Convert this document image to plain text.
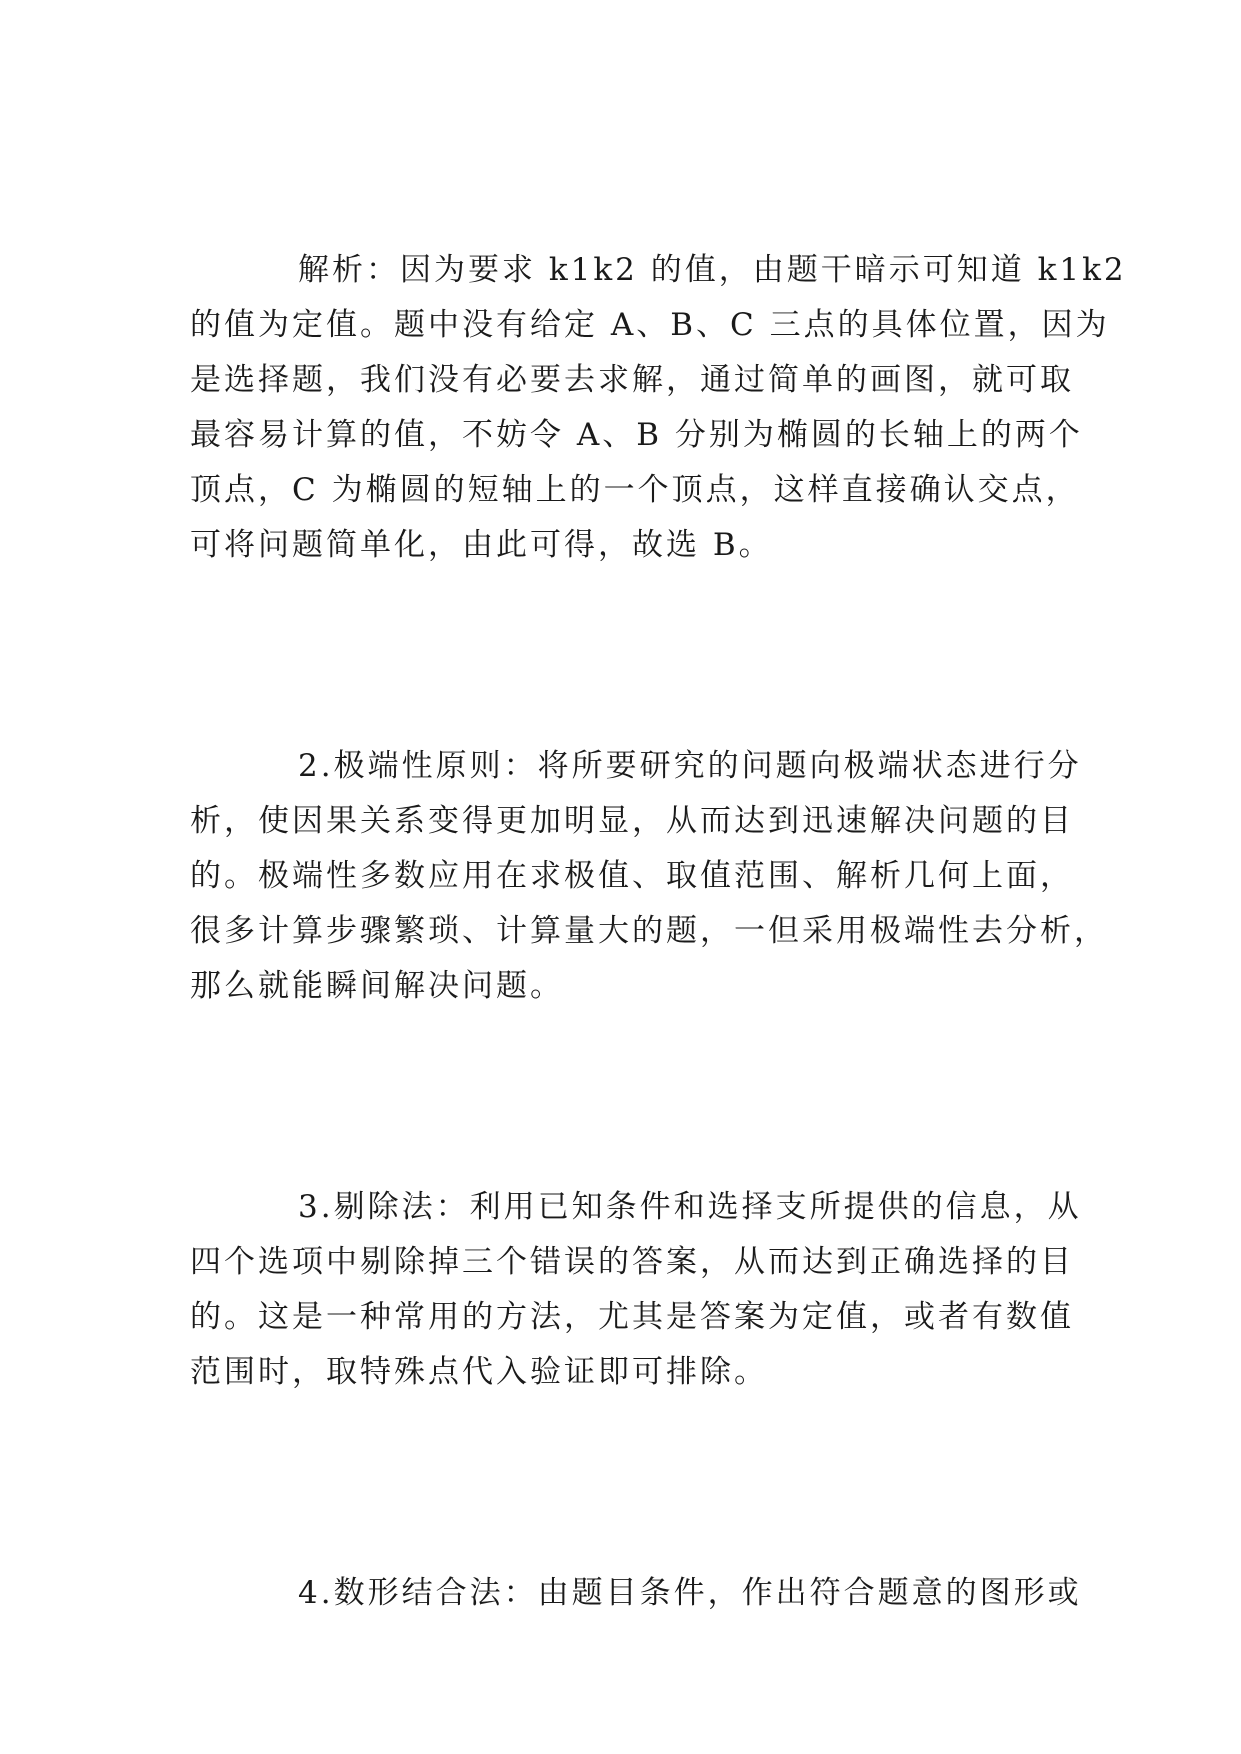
解析：因为要求 k1k2 的值，由题干暗示可知道 k1k2
的值为定值。题中没有给定 A、B、C 三点的具体位置，因为
是选择题，我们没有必要去求解，通过简单的画图，就可取
最容易计算的值，不妨令 A、B 分别为椭圆的长轴上的两个
顶点，C 为椭圆的短轴上的一个顶点，这样直接确认交点，
可将问题简单化，由此可得，故选 B。
2.极端性原则：将所要研究的问题向极端状态进行分
析，使因果关系变得更加明显，从而达到迅速解决问题的目
的。极端性多数应用在求极值、取值范围、解析几何上面，
很多计算步骤繁琐、计算量大的题，一但采用极端性去分析，
那么就能瞬间解决问题。
3.剔除法：利用已知条件和选择支所提供的信息，从
四个选项中剔除掉三个错误的答案，从而达到正确选择的目
的。这是一种常用的方法，尤其是答案为定值，或者有数值
范围时，取特殊点代入验证即可排除。
4.数形结合法：由题目条件，作出符合题意的图形或
